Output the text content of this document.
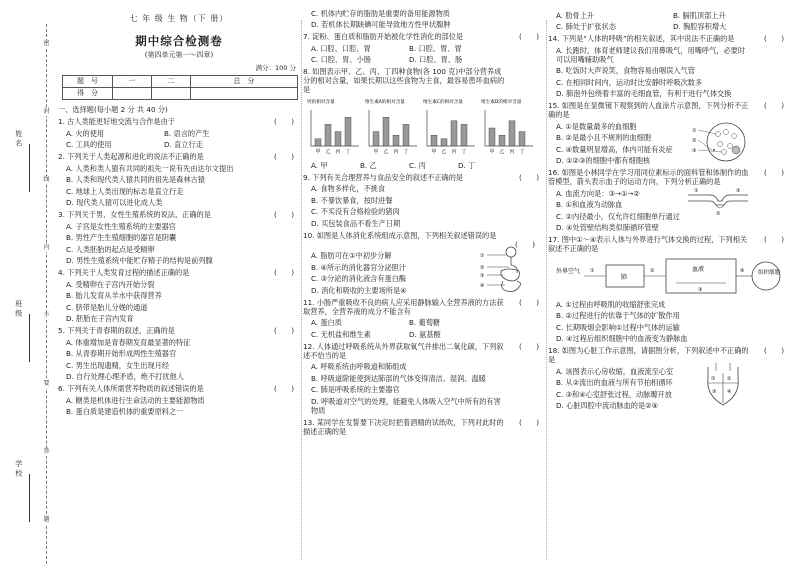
密
封
线
内
不
要
答
题
姓 名
班 级
学 校
七 年 级 生 物（下 册）
期中综合检测卷
(第四单元第一～四章)
满分：100 分
题　号	一	二	总　分
得　分			
一、选择题(每小题 2 分 共 40 分)
1. 古人类能更好地交流与合作是由于	(　　)
A. 火的使用	B. 语言的产生
C. 工具的使用	D. 直立行走
2. 下列关于人类起源和进化的说法不正确的是	(　　)
A. 人类和类人猿有共同的祖先一说有先由达尔文提出
B. 人类和现代类人猿共同的祖先是森林古猿
C. 地球上人类出现的标志是直立行走
D. 现代类人猿可以进化成人类
3. 下列关于男、女性生殖系统的说法，正确的是	(　　)
A. 子宫是女性生殖系统的主要器官
B. 男性产生生殖细胞的器官是阴囊
C. 人类胚胎的起点是受精卵
D. 男性生殖系统中能贮存精子的结构是前列腺
4. 下列关于人类发育过程的描述正确的是	(　　)
A. 受精卵在子宫内开始分裂
B. 胎儿发育从羊水中获得营养
C. 脐带是胎儿分娩的通道
D. 胚胎在子宫内发育
5. 下列关于青春期的叙述，正确的是	(　　)
A. 体重增加是青春期发育最显著的特征
B. 从青春期开始形成两性生殖器官
C. 男生出现遗精，女生出现月经
D. 自行处理心理矛盾，绝不打扰他人
6. 下列有关人体所需营养物质的叙述错误的是	(　　)
A. 糖类是机体进行生命活动的主要能源物质
B. 蛋白质是建造机体的重要原料之一
C. 机体内贮存的脂肪是重要的备用能源物质
D. 若机体长期缺碘可能导致地方性甲状腺肿
7. 淀粉、蛋白质和脂肪开始被化学性消化的部位是	(　　)
A. 口腔、口腔、胃	B. 口腔、胃、胃
C. 口腔、胃、小肠	D. 口腔、胃、肠
8. 如图表示甲、乙、丙、丁四种食物(各 100 克)中部分营养成分的相对含量，如果长期以这些食物为主食，最容易患坏血病的是
钙的相对含量
甲 乙 丙 丁
维生素A的相对含量
甲 乙 丙 丁
维生素C的相对含量
甲 乙 丙 丁
维生素D的相对含量
甲 乙 丙 丁
A. 甲	B. 乙	C. 丙	D. 丁
9. 下列有关合理营养与食品安全的叙述不正确的是	(　　)
A. 食物多样化，不挑食
B. 不暴饮暴食，按时进餐
C. 不买没有合格检验的猪肉
D. 买包装食品不看生产日期
10. 如图是人体消化系统组成示意图，下列相关叙述错误的是
(　　)
A. 脂肪可在①中初步分解
B. ④所示的消化器官分泌胆汁
C. ③分泌的消化液含有蛋白酶
D. 消化和吸收的主要场所是④
①
②
③
④
11. 小肠严重吸收不良的病人应采用静脉输入全营养液的方法获取营养，全营养液的成分不能含有
(　　)
A. 蛋白质	B. 葡萄糖
C. 无机盐和维生素	D. 氨基酸
12. 人体通过呼吸系统从外界获取氧气并排出二氧化碳，下列叙述不恰当的是
(　　)
A. 呼吸系统由呼吸道和肺组成
B. 呼吸道除能使到达肺部的气体变得清洁、湿润、温暖
C. 肺是呼吸系统的主要器官
D. 呼吸道对空气的处理，能避免人体吸入空气中所有的有害物质
13. 某同学在发誓要下决定时把着酒精的试纸吹，下列对此时的描述正确的是
(　　)
A. 肋骨上升	B. 膈肌顶部上升
C. 肺处于扩张状态	D. 胸腔容积增大
14. 下列是“人体的呼吸”的相关叙述，其中说法不正确的是	(　　)
A. 长跑时，体育老师建议我们用鼻吸气，用嘴呼气，必要时可以用嘴辅助吸气
B. 吃饭时大声说笑，食物容易由咽误入气管
C. 在相同时间内，运动时比安静时呼吸次数多
D. 肺泡外包绕着丰富的毛细血管，有利于进行气体交换
15. 如图是在显微镜下观察到的人血涂片示意图，下列分析不正确的是
(　　)
A. ①是数量最多的血细胞
B. ②是最小且不规则的血细胞
C. ④数量明显增高，体内可能有炎症
D. ①②③的细胞中都有细胞核
①
②
③
16. 如图是小林同学在学习用同位素标示的面料管和体制作的血管模型，箭头表示血子的运动方向，下列分析正确的是
(　　)
A. 血流方向是：③→①→②
B. ①和血液为动脉血
C. ②内径最小，仅允许红细胞单行通过
D. ④处管壁结构类似肺循环管壁
①
②
③
17. 图中①～④表示人体与外界进行气体交换的过程，下列相关叙述不正确的是
(　　)
外界空气
肺
血液	组织细胞
①	②
③
④
A. ①过程由呼吸肌的收缩舒张完成
B. ②过程进行的依靠于气体的扩散作用
C. 长期吸烟会影响①过程中气体的运输
D. ④过程后组织细胞中的血液变为静脉血
18. 如图为心脏工作示意图，请据图分析，下列叙述中不正确的是
(　　)
A. 该图表示心房收缩，血液流至心室
B. 从②流出的血液与所有节拍相循环
C. ③和④心室舒张过程，动脉瓣开放
D. 心脏四腔中流动脉血的是②④
① ②
③ ④
